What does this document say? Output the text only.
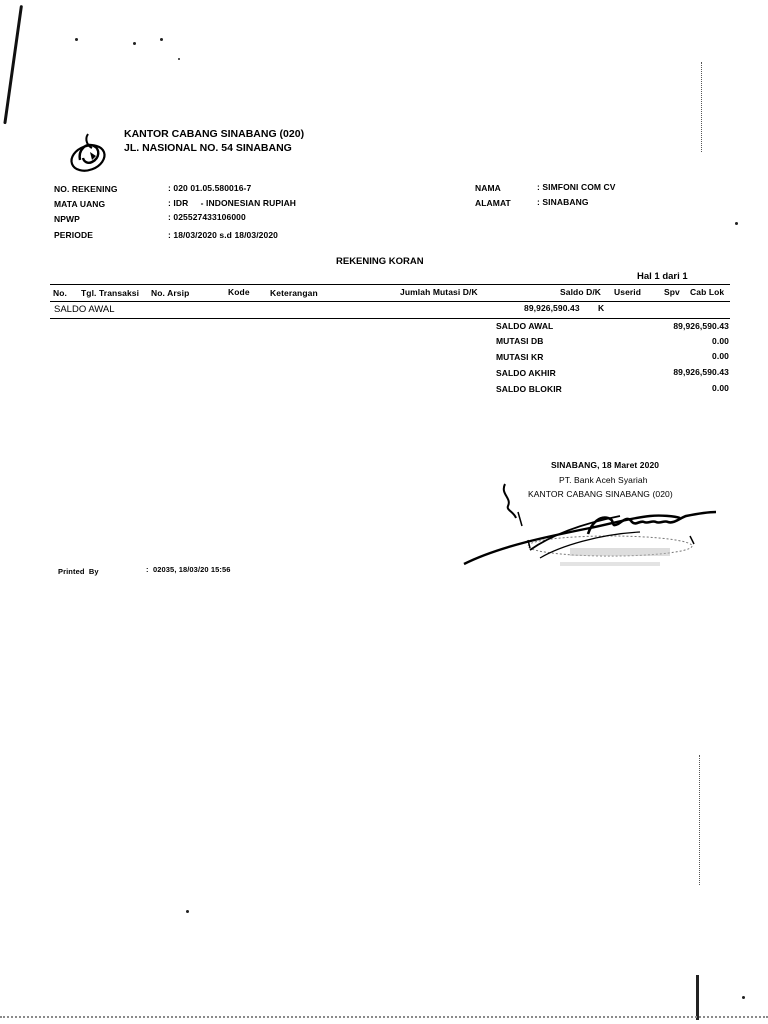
KANTOR CABANG SINABANG (020)
JL. NASIONAL NO. 54 SINABANG
NO. REKENING	: 020 01.05.580016-7
MATA UANG	: IDR     - INDONESIAN RUPIAH
NPWP	: 025527433106000
PERIODE	: 18/03/2020 s.d 18/03/2020
NAMA	: SIMFONI COM CV
ALAMAT	: SINABANG
REKENING KORAN
Hal 1 dari 1
No. Tgl. Transaksi No. Arsip	Kode Keterangan	Jumlah Mutasi D/K	Saldo D/K Userid	Spv Cab Lok
SALDO AWAL	89,926,590.43 K
SALDO AWAL	89,926,590.43
MUTASI DB	0.00
MUTASI KR	0.00
SALDO AKHIR	89,926,590.43
SALDO BLOKIR	0.00
SINABANG, 18 Maret 2020
PT. Bank Aceh Syariah
KANTOR CABANG SINABANG (020)
Printed  By	:  02035, 18/03/20 15:56
